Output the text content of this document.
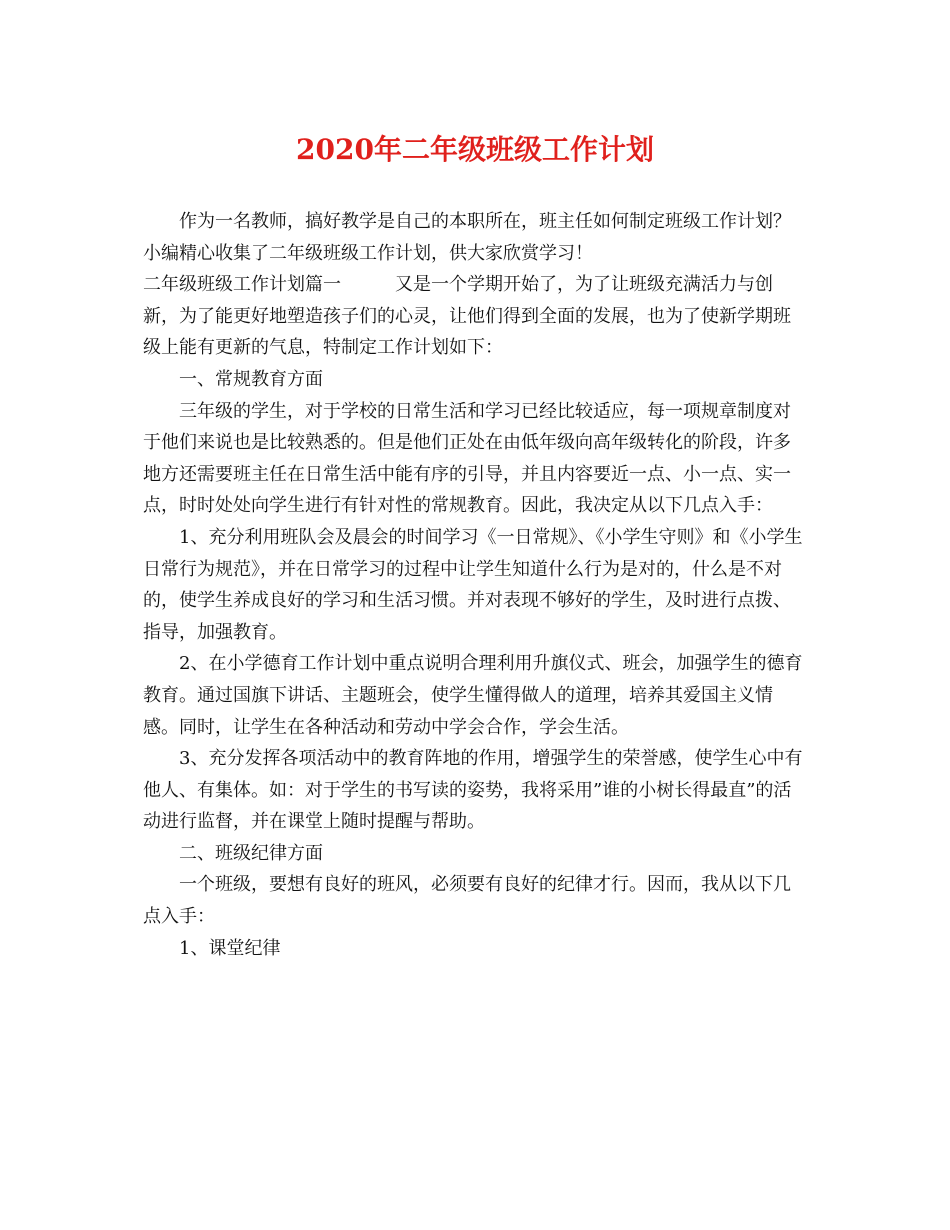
2020年二年级班级工作计划

作为一名教师，搞好教学是自己的本职所在，班主任如何制定班级工作计划？小编精心收集了二年级班级工作计划，供大家欣赏学习！

二年级班级工作计划篇一	又是一个学期开始了，为了让班级充满活力与创新，为了能更好地塑造孩子们的心灵，让他们得到全面的发展，也为了使新学期班级上能有更新的气息，特制定工作计划如下：

一、常规教育方面

三年级的学生，对于学校的日常生活和学习已经比较适应，每一项规章制度对于他们来说也是比较熟悉的。但是他们正处在由低年级向高年级转化的阶段，许多地方还需要班主任在日常生活中能有序的引导，并且内容要近一点、小一点、实一点，时时处处向学生进行有针对性的常规教育。因此，我决定从以下几点入手：

1、充分利用班队会及晨会的时间学习《一日常规》、《小学生守则》和《小学生日常行为规范》，并在日常学习的过程中让学生知道什么行为是对的，什么是不对的，使学生养成良好的学习和生活习惯。并对表现不够好的学生，及时进行点拨、指导，加强教育。

2、在小学德育工作计划中重点说明合理利用升旗仪式、班会，加强学生的德育教育。通过国旗下讲话、主题班会，使学生懂得做人的道理，培养其爱国主义情感。同时，让学生在各种活动和劳动中学会合作，学会生活。

3、充分发挥各项活动中的教育阵地的作用，增强学生的荣誉感，使学生心中有他人、有集体。如：对于学生的书写读的姿势，我将采用”谁的小树长得最直”的活动进行监督，并在课堂上随时提醒与帮助。

二、班级纪律方面

一个班级，要想有良好的班风，必须要有良好的纪律才行。因而，我从以下几点入手：

1、课堂纪律
